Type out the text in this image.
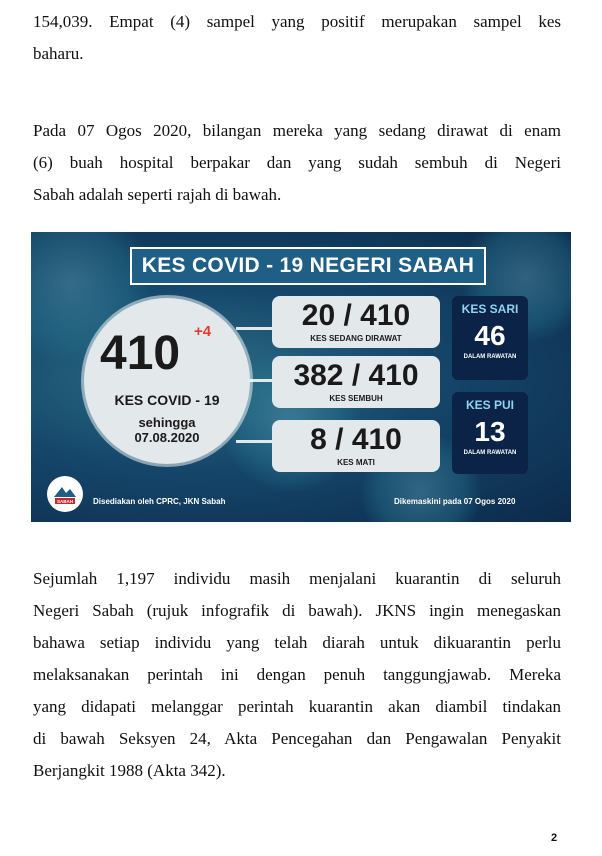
154,039. Empat (4) sampel yang positif merupakan sampel kes
baharu.
Pada 07 Ogos 2020, bilangan mereka yang sedang dirawat di enam
(6) buah hospital berpakar dan yang sudah sembuh di Negeri
Sabah adalah seperti rajah di bawah.
KES COVID - 19 NEGERI SABAH
410 +4
KES COVID - 19
sehingga
07.08.2020
20 / 410
KES SEDANG DIRAWAT
382 / 410
KES SEMBUH
8 / 410
KES MATI
KES SARI
46
DALAM RAWATAN
KES PUI
13
DALAM RAWATAN
SABAH Disediakan oleh CPRC, JKN Sabah	Dikemaskini pada 07 Ogos 2020
Sejumlah 1,197 individu masih menjalani kuarantin di seluruh
Negeri Sabah (rujuk infografik di bawah). JKNS ingin menegaskan
bahawa setiap individu yang telah diarah untuk dikuarantin perlu
melaksanakan perintah ini dengan penuh tanggungjawab. Mereka
yang didapati melanggar perintah kuarantin akan diambil tindakan
di bawah Seksyen 24, Akta Pencegahan dan Pengawalan Penyakit
Berjangkit 1988 (Akta 342).
2
